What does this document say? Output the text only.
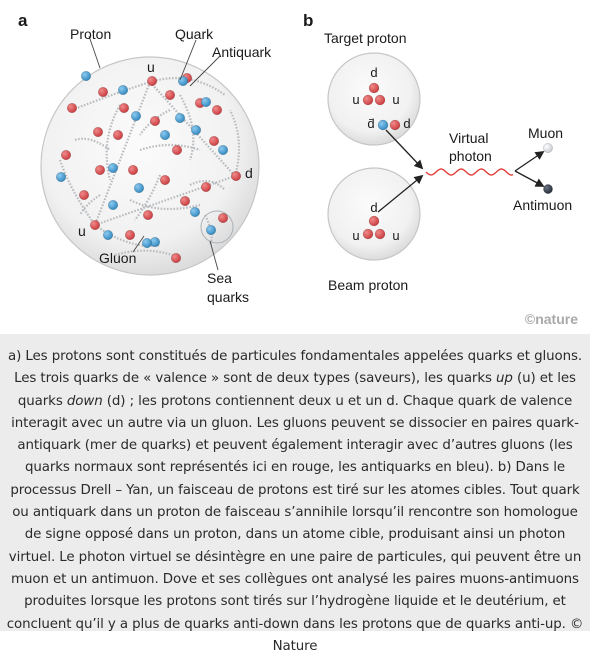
a
Proton	Quark
Antiquark
u
d
u
Gluon
Sea
quarks
b
Target proton
d
u	u
d̄ d
d
u	u
Virtual
photon
Muon
Antimuon
Beam proton
©nature

a) Les protons sont constitués de particules fondamentales appelées quarks et gluons. Les trois quarks de « valence » sont de deux types (saveurs), les quarks up (u) et les quarks down (d) ; les protons contiennent deux u et un d. Chaque quark de valence interagit avec un autre via un gluon. Les gluons peuvent se dissocier en paires quark-antiquark (mer de quarks) et peuvent également interagir avec d’autres gluons (les quarks normaux sont représentés ici en rouge, les antiquarks en bleu). b) Dans le processus Drell – Yan, un faisceau de protons est tiré sur les atomes cibles. Tout quark ou antiquark dans un proton de faisceau s’annihile lorsqu’il rencontre son homologue de signe opposé dans un proton, dans un atome cible, produisant ainsi un photon virtuel. Le photon virtuel se désintègre en une paire de particules, qui peuvent être un muon et un antimuon. Dove et ses collègues ont analysé les paires muons-antimuons produites lorsque les protons sont tirés sur l’hydrogène liquide et le deutérium, et concluent qu’il y a plus de quarks anti-down dans les protons que de quarks anti-up. © Nature
